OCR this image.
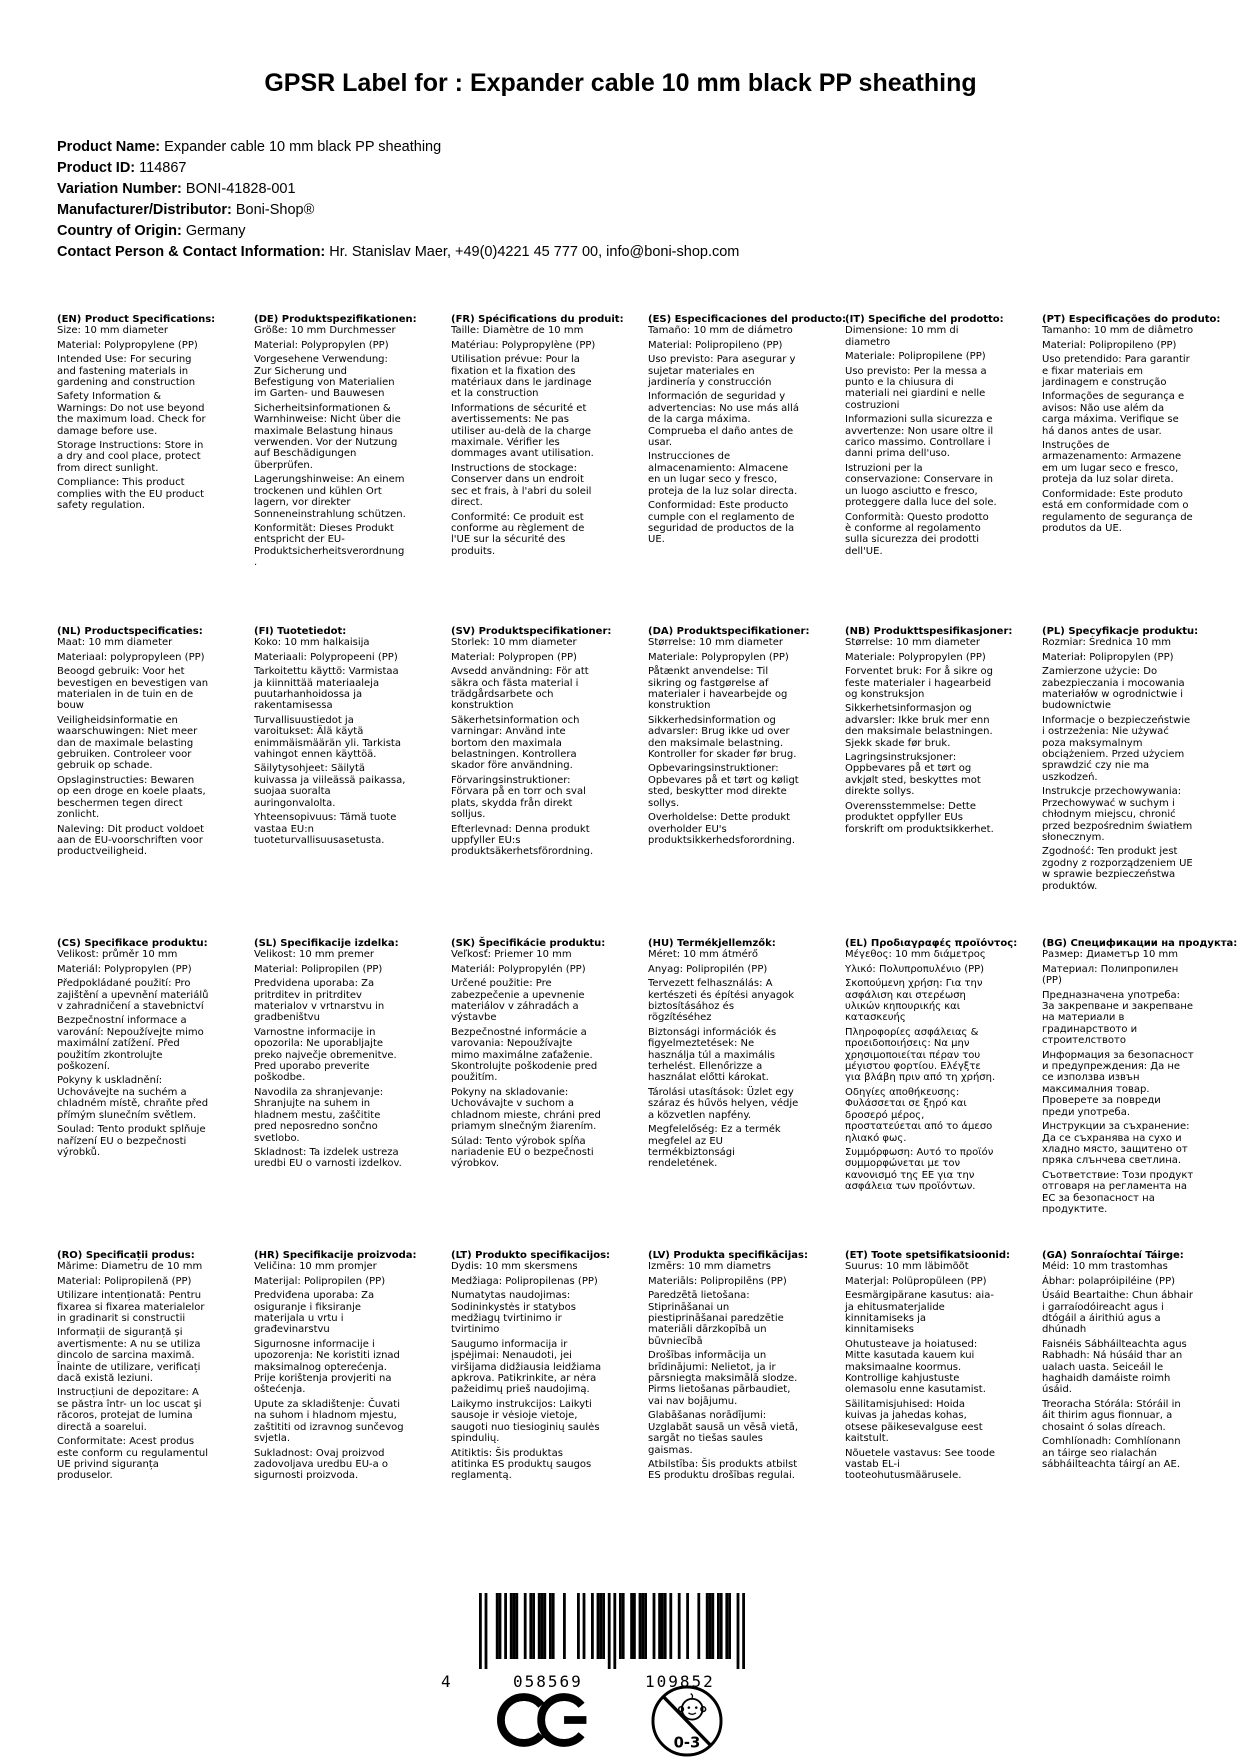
GPSR Label for : Expander cable 10 mm black PP sheathing
Product Name: Expander cable 10 mm black PP sheathing
Product ID: 114867
Variation Number: BONI-41828-001
Manufacturer/Distributor: Boni-Shop®
Country of Origin: Germany
Contact Person & Contact Information: Hr. Stanislav Maer, +49(0)4221 45 777 00, info@boni-shop.com
(EN) Product Specifications:

Size: 10 mm diameter

Material: Polypropylene (PP)

Intended Use: For securing and fastening materials in gardening and construction

Safety Information & Warnings: Do not use beyond the maximum load. Check for damage before use.

Storage Instructions: Store in a dry and cool place, protect from direct sunlight.

Compliance: This product complies with the EU product safety regulation.

(DE) Produktspezifikationen:

Größe: 10 mm Durchmesser

Material: Polypropylen (PP)

Vorgesehene Verwendung: Zur Sicherung und Befestigung von Materialien im Garten- und Bauwesen

Sicherheitsinformationen & Warnhinweise: Nicht über die maximale Belastung hinaus verwenden. Vor der Nutzung auf Beschädigungen überprüfen.

Lagerungshinweise: An einem trockenen und kühlen Ort lagern, vor direkter Sonneneinstrahlung schützen.

Konformität: Dieses Produkt entspricht der EU-Produktsicherheitsverordnung.

(FR) Spécifications du produit:

Taille: Diamètre de 10 mm

Matériau: Polypropylène (PP)

Utilisation prévue: Pour la fixation et la fixation des matériaux dans le jardinage et la construction

Informations de sécurité et avertissements: Ne pas utiliser au-delà de la charge maximale. Vérifier les dommages avant utilisation.

Instructions de stockage: Conserver dans un endroit sec et frais, à l'abri du soleil direct.

Conformité: Ce produit est conforme au règlement de l'UE sur la sécurité des produits.

(ES) Especificaciones del producto:

Tamaño: 10 mm de diámetro

Material: Polipropileno (PP)

Uso previsto: Para asegurar y sujetar materiales en jardinería y construcción

Información de seguridad y advertencias: No use más allá de la carga máxima. Comprueba el daño antes de usar.

Instrucciones de almacenamiento: Almacene en un lugar seco y fresco, proteja de la luz solar directa.

Conformidad: Este producto cumple con el reglamento de seguridad de productos de la UE.

(IT) Specifiche del prodotto:

Dimensione: 10 mm di diametro

Materiale: Polipropilene (PP)

Uso previsto: Per la messa a punto e la chiusura di materiali nei giardini e nelle costruzioni

Informazioni sulla sicurezza e avvertenze: Non usare oltre il carico massimo. Controllare i danni prima dell'uso.

Istruzioni per la conservazione: Conservare in un luogo asciutto e fresco, proteggere dalla luce del sole.

Conformità: Questo prodotto è conforme al regolamento sulla sicurezza dei prodotti dell'UE.

(PT) Especificações do produto:

Tamanho: 10 mm de diâmetro

Material: Polipropileno (PP)

Uso pretendido: Para garantir e fixar materiais em jardinagem e construção

Informações de segurança e avisos: Não use além da carga máxima. Verifique se há danos antes de usar.

Instruções de armazenamento: Armazene em um lugar seco e fresco, proteja da luz solar direta.

Conformidade: Este produto está em conformidade com o regulamento de segurança de produtos da UE.

(NL) Productspecificaties:

Maat: 10 mm diameter

Materiaal: polypropyleen (PP)

Beoogd gebruik: Voor het bevestigen en bevestigen van materialen in de tuin en de bouw

Veiligheidsinformatie en waarschuwingen: Niet meer dan de maximale belasting gebruiken. Controleer voor gebruik op schade.

Opslaginstructies: Bewaren op een droge en koele plaats, beschermen tegen direct zonlicht.

Naleving: Dit product voldoet aan de EU-voorschriften voor productveiligheid.

(FI) Tuotetiedot:

Koko: 10 mm halkaisija

Materiaali: Polypropeeni (PP)

Tarkoitettu käyttö: Varmistaa ja kiinnittää materiaaleja puutarhanhoidossa ja rakentamisessa

Turvallisuustiedot ja varoitukset: Älä käytä enimmäismäärän yli. Tarkista vahingot ennen käyttöä.

Säilytysohjeet: Säilytä kuivassa ja viileässä paikassa, suojaa suoralta auringonvalolta.

Yhteensopivuus: Tämä tuote vastaa EU:n tuoteturvallisuusasetusta.

(SV) Produktspecifikationer:

Storlek: 10 mm diameter

Material: Polypropen (PP)

Avsedd användning: För att säkra och fästa material i trädgårdsarbete och konstruktion

Säkerhetsinformation och varningar: Använd inte bortom den maximala belastningen. Kontrollera skador före användning.

Förvaringsinstruktioner: Förvara på en torr och sval plats, skydda från direkt solljus.

Efterlevnad: Denna produkt uppfyller EU:s produktsäkerhetsförordning.

(DA) Produktspecifikationer:

Størrelse: 10 mm diameter

Materiale: Polypropylen (PP)

Påtænkt anvendelse: Til sikring og fastgørelse af materialer i havearbejde og konstruktion

Sikkerhedsinformation og advarsler: Brug ikke ud over den maksimale belastning. Kontroller for skader før brug.

Opbevaringsinstruktioner: Opbevares på et tørt og køligt sted, beskytter mod direkte sollys.

Overholdelse: Dette produkt overholder EU's produktsikkerhedsforordning.

(NB) Produkttspesifikasjoner:

Størrelse: 10 mm diameter

Materiale: Polypropylen (PP)

Forventet bruk: For å sikre og feste materialer i hagearbeid og konstruksjon

Sikkerhetsinformasjon og advarsler: Ikke bruk mer enn den maksimale belastningen. Sjekk skade før bruk.

Lagringsinstruksjoner: Oppbevares på et tørt og avkjølt sted, beskyttes mot direkte sollys.

Overensstemmelse: Dette produktet oppfyller EUs forskrift om produktsikkerhet.

(PL) Specyfikacje produktu:

Rozmiar: Średnica 10 mm

Materiał: Polipropylen (PP)

Zamierzone użycie: Do zabezpieczania i mocowania materiałów w ogrodnictwie i budownictwie

Informacje o bezpieczeństwie i ostrzeżenia: Nie używać poza maksymalnym obciążeniem. Przed użyciem sprawdzić czy nie ma uszkodzeń.

Instrukcje przechowywania: Przechowywać w suchym i chłodnym miejscu, chronić przed bezpośrednim światłem słonecznym.

Zgodność: Ten produkt jest zgodny z rozporządzeniem UE w sprawie bezpieczeństwa produktów.

(CS) Specifikace produktu:

Velikost: průměr 10 mm

Materiál: Polypropylen (PP)

Předpokládané použití: Pro zajištění a upevnění materiálů v zahradničení a stavebnictví

Bezpečnostní informace a varování: Nepoužívejte mimo maximální zatížení. Před použitím zkontrolujte poškození.

Pokyny k uskladnění: Uchovávejte na suchém a chladném místě, chraňte před přímým slunečním světlem.

Soulad: Tento produkt splňuje nařízení EU o bezpečnosti výrobků.

(SL) Specifikacije izdelka:

Velikost: 10 mm premer

Material: Polipropilen (PP)

Predvidena uporaba: Za pritrditev in pritrditev materialov v vrtnarstvu in gradbeništvu

Varnostne informacije in opozorila: Ne uporabljajte preko največje obremenitve. Pred uporabo preverite poškodbe.

Navodila za shranjevanje: Shranjujte na suhem in hladnem mestu, zaščitite pred neposredno sončno svetlobo.

Skladnost: Ta izdelek ustreza uredbi EU o varnosti izdelkov.

(SK) Špecifikácie produktu:

Veľkosť: Priemer 10 mm

Materiál: Polypropylén (PP)

Určené použitie: Pre zabezpečenie a upevnenie materiálov v záhradách a výstavbe

Bezpečnostné informácie a varovania: Nepoužívajte mimo maximálne zaťaženie. Skontrolujte poškodenie pred použitím.

Pokyny na skladovanie: Uchovávajte v suchom a chladnom mieste, chráni pred priamym slnečným žiarením.

Súlad: Tento výrobok spĺňa nariadenie EÚ o bezpečnosti výrobkov.

(HU) Termékjellemzők:

Méret: 10 mm átmérő

Anyag: Polipropilén (PP)

Tervezett felhasználás: A kertészeti és építési anyagok biztosításához és rögzítéséhez

Biztonsági információk és figyelmeztetések: Ne használja túl a maximális terhelést. Ellenőrizze a használat előtti károkat.

Tárolási utasítások: Üzlet egy száraz és hűvös helyen, védje a közvetlen napfény.

Megfelelőség: Ez a termék megfelel az EU termékbiztonsági rendeletének.

(EL) Προδιαγραφές προϊόντος:

Μέγεθος: 10 mm διάμετρος

Υλικό: Πολυπροπυλένιο (PP)

Σκοπούμενη χρήση: Για την ασφάλιση και στερέωση υλικών κηπουρικής και κατασκευής

Πληροφορίες ασφάλειας & προειδοποιήσεις: Να μην χρησιμοποιείται πέραν του μέγιστου φορτίου. Ελέγξτε για βλάβη πριν από τη χρήση.

Οδηγίες αποθήκευσης: Φυλάσσεται σε ξηρό και δροσερό μέρος, προστατεύεται από το άμεσο ηλιακό φως.

Συμμόρφωση: Αυτό το προϊόν συμμορφώνεται με τον κανονισμό της ΕΕ για την ασφάλεια των προϊόντων.

(BG) Спецификации на продукта:

Размер: Диаметър 10 mm

Материал: Полипропилен (PP)

Предназначена употреба: За закрепване и закрепване на материали в градинарството и строителството

Информация за безопасност и предупреждения: Да не се използва извън максималния товар. Проверете за повреди преди употреба.

Инструкции за съхранение: Да се съхранява на сухо и хладно място, защитено от пряка слънчева светлина.

Съответствие: Този продукт отговаря на регламента на ЕС за безопасност на продуктите.

(RO) Specificații produs:

Mărime: Diametru de 10 mm

Material: Polipropilenă (PP)

Utilizare intenționată: Pentru fixarea si fixarea materialelor in gradinarit si constructii

Informații de siguranță și avertismente: A nu se utiliza dincolo de sarcina maximă. Înainte de utilizare, verificați dacă există leziuni.

Instrucțiuni de depozitare: A se păstra într- un loc uscat şi răcoros, protejat de lumina directă a soarelui.

Conformitate: Acest produs este conform cu regulamentul UE privind siguranța produselor.

(HR) Specifikacije proizvoda:

Veličina: 10 mm promjer

Materijal: Polipropilen (PP)

Predviđena uporaba: Za osiguranje i fiksiranje materijala u vrtu i građevinarstvu

Sigurnosne informacije i upozorenja: Ne koristiti iznad maksimalnog opterećenja. Prije korištenja provjeriti na oštećenja.

Upute za skladištenje: Čuvati na suhom i hladnom mjestu, zaštititi od izravnog sunčevog svjetla.

Sukladnost: Ovaj proizvod zadovoljava uredbu EU-a o sigurnosti proizvoda.

(LT) Produkto specifikacijos:

Dydis: 10 mm skersmens

Medžiaga: Polipropilenas (PP)

Numatytas naudojimas: Sodininkystės ir statybos medžiagų tvirtinimo ir tvirtinimo

Saugumo informacija ir įspėjimai: Nenaudoti, jei viršijama didžiausia leidžiama apkrova. Patikrinkite, ar nėra pažeidimų prieš naudojimą.

Laikymo instrukcijos: Laikyti sausoje ir vėsioje vietoje, saugoti nuo tiesioginių saulės spindulių.

Atitiktis: Šis produktas atitinka ES produktų saugos reglamentą.

(LV) Produkta specifikācijas:

Izmērs: 10 mm diametrs

Materiāls: Polipropilēns (PP)

Paredzētā lietošana: Stiprināšanai un piestiprināšanai paredzētie materiāli dārzkopībā un būvniecībā

Drošības informācija un brīdinājumi: Nelietot, ja ir pārsniegta maksimālā slodze. Pirms lietošanas pārbaudiet, vai nav bojājumu.

Glabāšanas norādījumi: Uzglabāt sausā un vēsā vietā, sargāt no tiešas saules gaismas.

Atbilstība: Šis produkts atbilst ES produktu drošības regulai.

(ET) Toote spetsifikatsioonid:

Suurus: 10 mm läbimõõt

Materjal: Polüpropüleen (PP)

Eesmärgipärane kasutus: aia- ja ehitusmaterjalide kinnitamiseks ja kinnitamiseks

Ohutusteave ja hoiatused: Mitte kasutada kauem kui maksimaalne koormus. Kontrollige kahjustuste olemasolu enne kasutamist.

Säilitamisjuhised: Hoida kuivas ja jahedas kohas, otsese päikesevalguse eest kaitstult.

Nõuetele vastavus: See toode vastab EL-i tooteohutusmäärusele.

(GA) Sonraíochtaí Táirge:

Méid: 10 mm trastomhas

Ábhar: polapróipiléine (PP)

Úsáid Beartaithe: Chun ábhair i garraíodóireacht agus i dtógáil a áirithiú agus a dhúnadh

Faisnéis Sábháilteachta agus Rabhadh: Ná húsáid thar an ualach uasta. Seiceáil le haghaidh damáiste roimh úsáid.

Treoracha Stórála: Stóráil in áit thirim agus fionnuar, a chosaint ó solas díreach.

Comhlíonadh: Comhlíonann an táirge seo rialachán sábháilteachta táirgí an AE.

4	058569	109852
0-3
